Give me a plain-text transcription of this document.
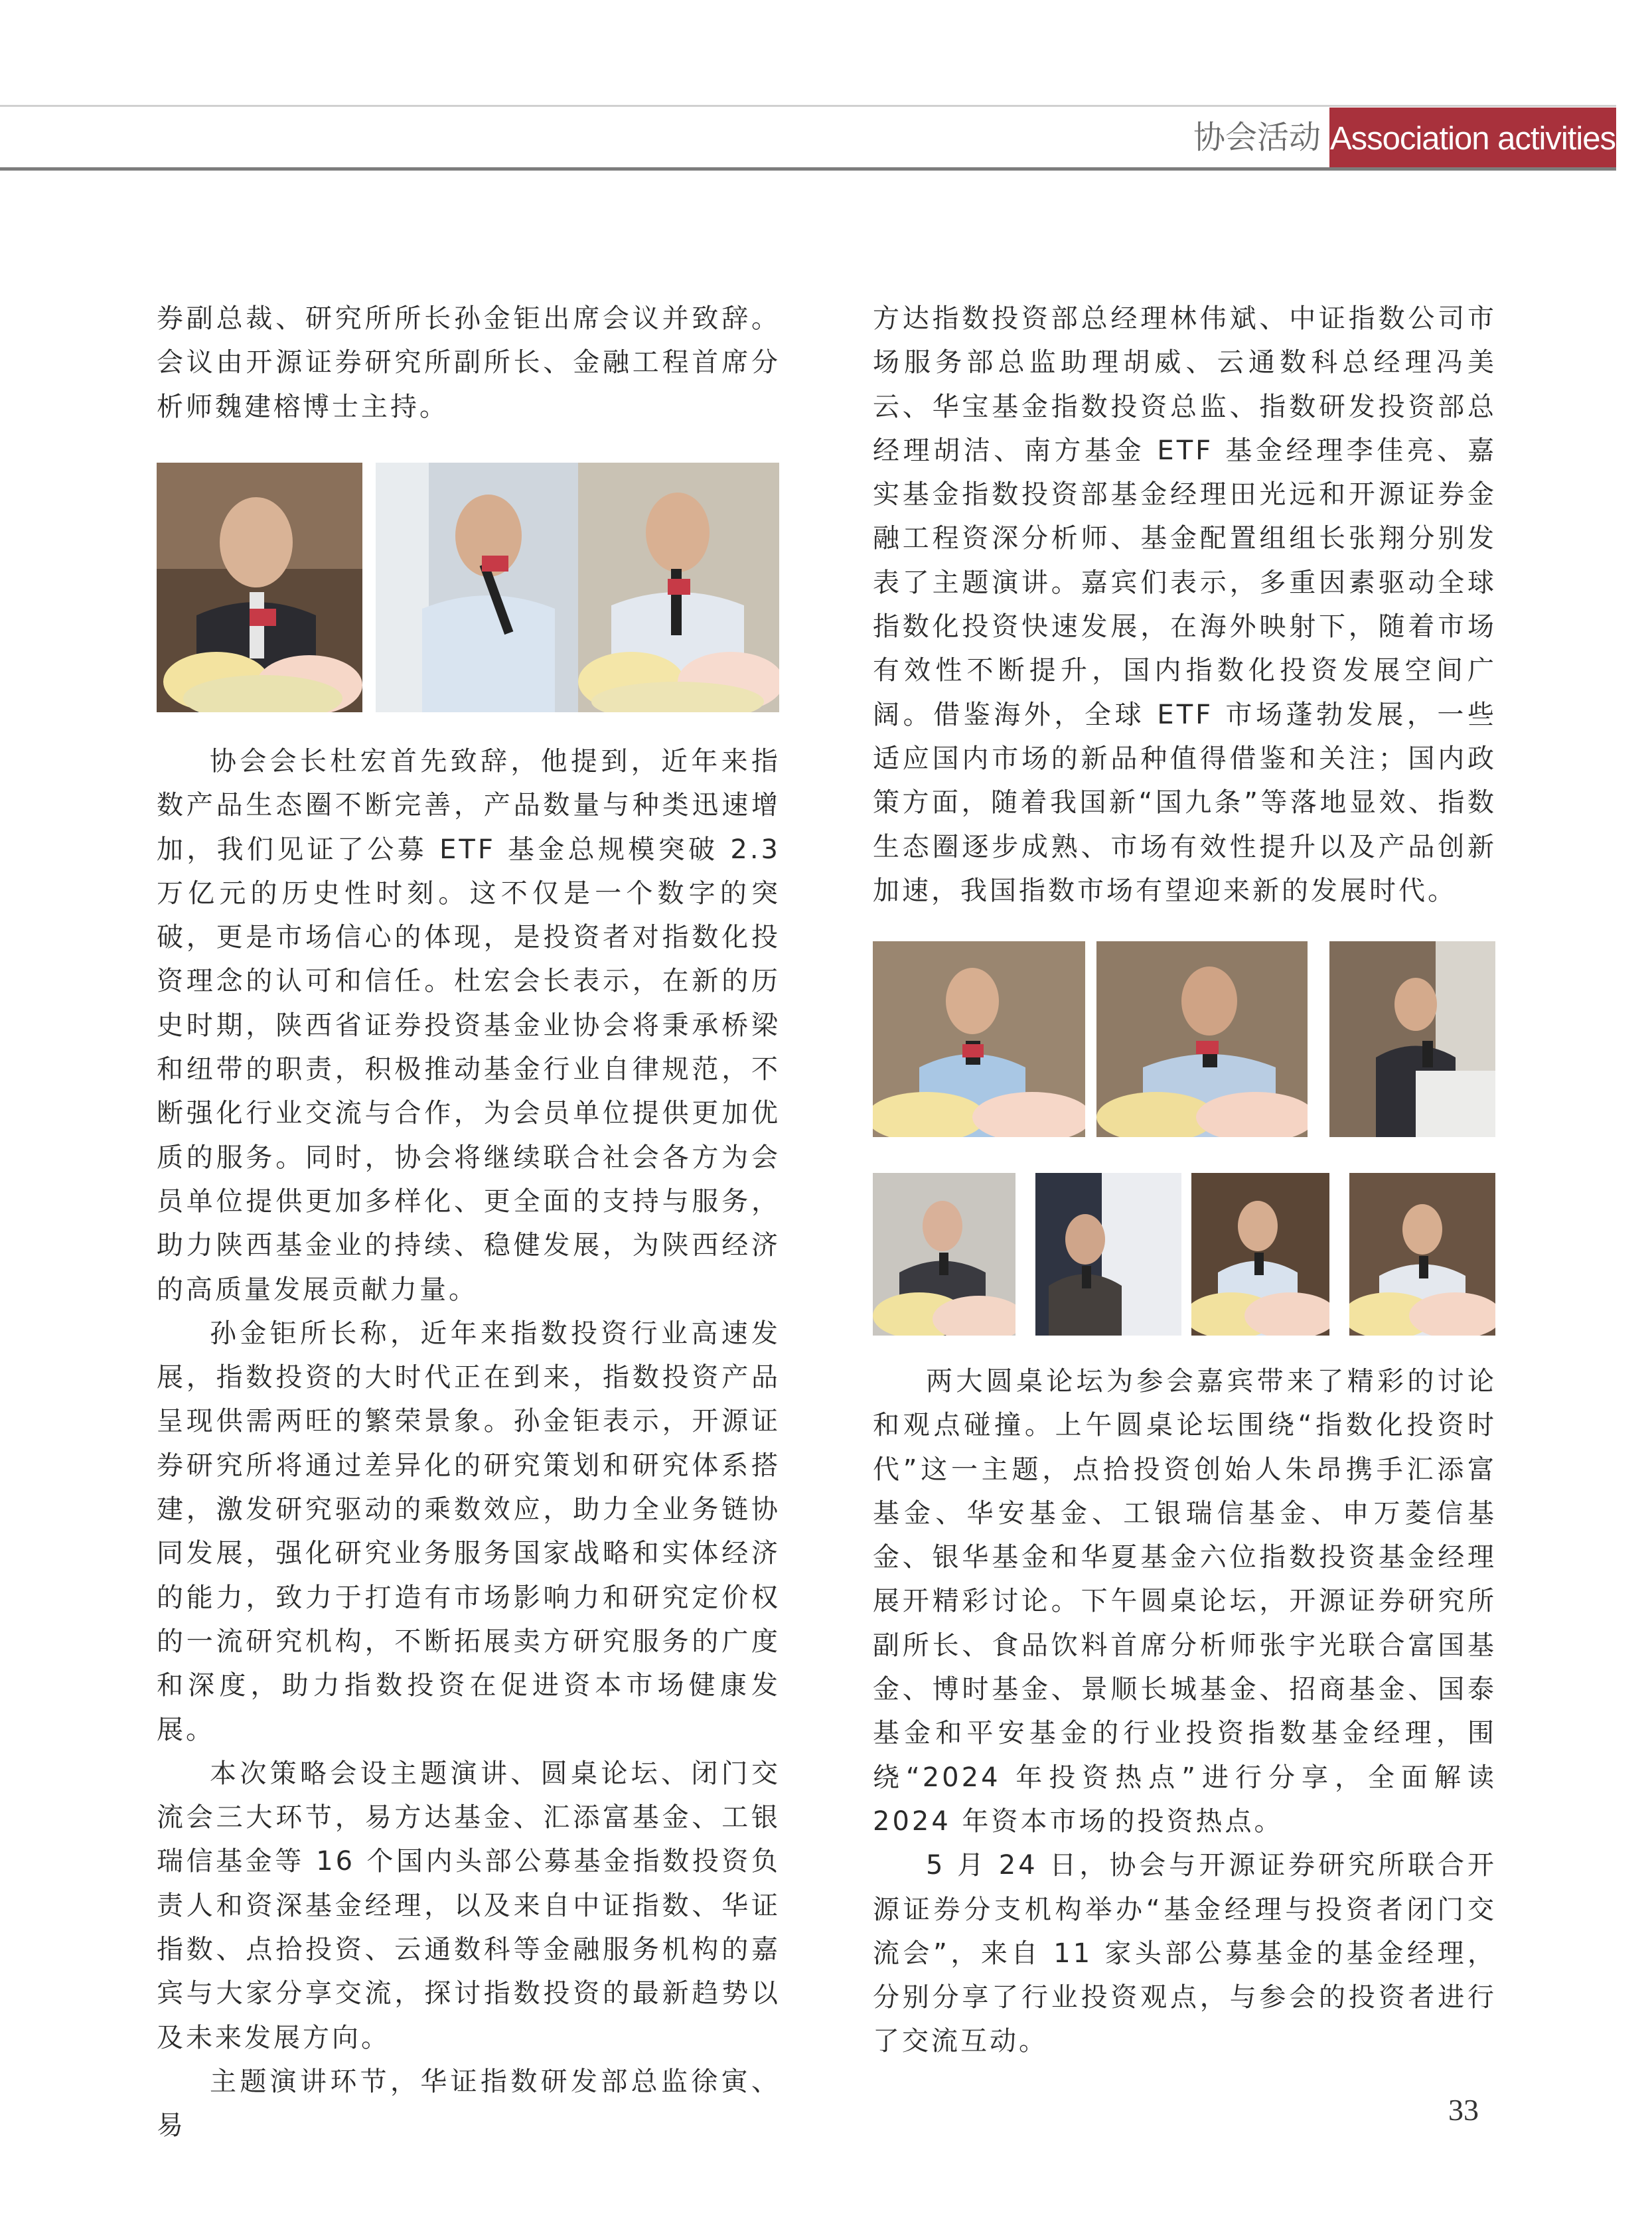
协会活动 Association activities

券副总裁、研究所所长孙金钜出席会议并致辞。会议由开源证券研究所副所长、金融工程首席分析师魏建榕博士主持。

协会会长杜宏首先致辞，他提到，近年来指数产品生态圈不断完善，产品数量与种类迅速增加，我们见证了公募 ETF 基金总规模突破 2.3 万亿元的历史性时刻。这不仅是一个数字的突破，更是市场信心的体现，是投资者对指数化投资理念的认可和信任。杜宏会长表示，在新的历史时期，陕西省证券投资基金业协会将秉承桥梁和纽带的职责，积极推动基金行业自律规范，不断强化行业交流与合作，为会员单位提供更加优质的服务。同时，协会将继续联合社会各方为会员单位提供更加多样化、更全面的支持与服务，助力陕西基金业的持续、稳健发展，为陕西经济的高质量发展贡献力量。

孙金钜所长称，近年来指数投资行业高速发展，指数投资的大时代正在到来，指数投资产品呈现供需两旺的繁荣景象。孙金钜表示，开源证券研究所将通过差异化的研究策划和研究体系搭建，激发研究驱动的乘数效应，助力全业务链协同发展，强化研究业务服务国家战略和实体经济的能力，致力于打造有市场影响力和研究定价权的一流研究机构，不断拓展卖方研究服务的广度和深度，助力指数投资在促进资本市场健康发展。

本次策略会设主题演讲、圆桌论坛、闭门交流会三大环节，易方达基金、汇添富基金、工银瑞信基金等 16 个国内头部公募基金指数投资负责人和资深基金经理，以及来自中证指数、华证指数、点拾投资、云通数科等金融服务机构的嘉宾与大家分享交流，探讨指数投资的最新趋势以及未来发展方向。

主题演讲环节，华证指数研发部总监徐寅、易

方达指数投资部总经理林伟斌、中证指数公司市场服务部总监助理胡威、云通数科总经理冯美云、华宝基金指数投资总监、指数研发投资部总经理胡洁、南方基金 ETF 基金经理李佳亮、嘉实基金指数投资部基金经理田光远和开源证券金融工程资深分析师、基金配置组组长张翔分别发表了主题演讲。嘉宾们表示，多重因素驱动全球指数化投资快速发展，在海外映射下，随着市场有效性不断提升，国内指数化投资发展空间广阔。借鉴海外，全球 ETF 市场蓬勃发展，一些适应国内市场的新品种值得借鉴和关注；国内政策方面，随着我国新“国九条”等落地显效、指数生态圈逐步成熟、市场有效性提升以及产品创新加速，我国指数市场有望迎来新的发展时代。

两大圆桌论坛为参会嘉宾带来了精彩的讨论和观点碰撞。上午圆桌论坛围绕“指数化投资时代”这一主题，点拾投资创始人朱昂携手汇添富基金、华安基金、工银瑞信基金、申万菱信基金、银华基金和华夏基金六位指数投资基金经理展开精彩讨论。下午圆桌论坛，开源证券研究所副所长、食品饮料首席分析师张宇光联合富国基金、博时基金、景顺长城基金、招商基金、国泰基金和平安基金的行业投资指数基金经理，围绕“2024 年投资热点”进行分享，全面解读 2024 年资本市场的投资热点。

5 月 24 日，协会与开源证券研究所联合开源证券分支机构举办“基金经理与投资者闭门交流会”，来自 11 家头部公募基金的基金经理，分别分享了行业投资观点，与参会的投资者进行了交流互动。

33
